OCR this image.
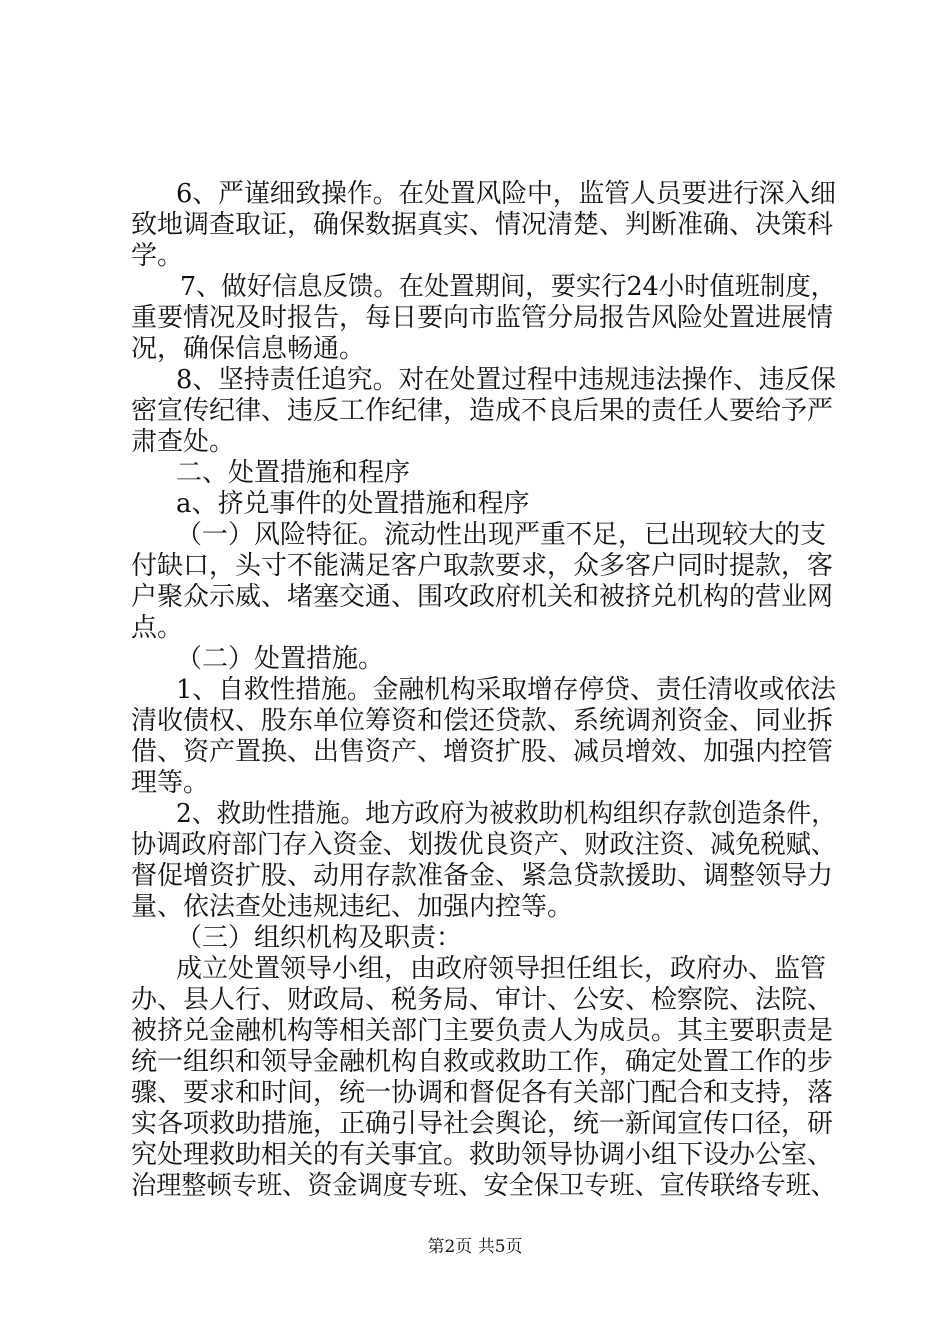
6、严谨细致操作。在处置风险中，监管人员要进行深入细

致地调查取证，确保数据真实、情况清楚、判断准确、决策科

学。

7、做好信息反馈。在处置期间，要实行24小时值班制度，

重要情况及时报告，每日要向市监管分局报告风险处置进展情

况，确保信息畅通。

8、坚持责任追究。对在处置过程中违规违法操作、违反保

密宣传纪律、违反工作纪律，造成不良后果的责任人要给予严

肃查处。

二、处置措施和程序

a、挤兑事件的处置措施和程序

（一）风险特征。流动性出现严重不足，已出现较大的支

付缺口，头寸不能满足客户取款要求，众多客户同时提款，客

户聚众示威、堵塞交通、围攻政府机关和被挤兑机构的营业网

点。

（二）处置措施。

1、自救性措施。金融机构采取增存停贷、责任清收或依法

清收债权、股东单位筹资和偿还贷款、系统调剂资金、同业拆

借、资产置换、出售资产、增资扩股、减员增效、加强内控管

理等。

2、救助性措施。地方政府为被救助机构组织存款创造条件，

协调政府部门存入资金、划拨优良资产、财政注资、减免税赋、

督促增资扩股、动用存款准备金、紧急贷款援助、调整领导力

量、依法查处违规违纪、加强内控等。

（三）组织机构及职责：

成立处置领导小组，由政府领导担任组长，政府办、监管

办、县人行、财政局、税务局、审计、公安、检察院、法院、

被挤兑金融机构等相关部门主要负责人为成员。其主要职责是

统一组织和领导金融机构自救或救助工作，确定处置工作的步

骤、要求和时间，统一协调和督促各有关部门配合和支持，落

实各项救助措施，正确引导社会舆论，统一新闻宣传口径，研

究处理救助相关的有关事宜。救助领导协调小组下设办公室、

治理整顿专班、资金调度专班、安全保卫专班、宣传联络专班、

第2页 共5页
